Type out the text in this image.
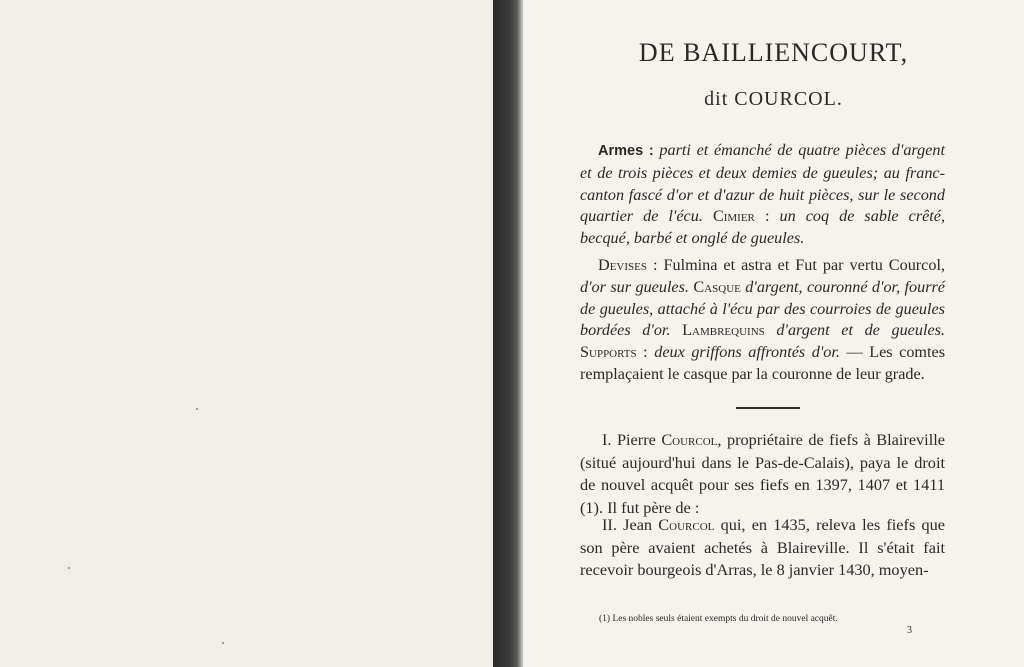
DE BAILLIENCOURT,
dit COURCOL.
Armes : parti et émanché de quatre pièces d'argent et de trois pièces et deux demies de gueules; au franc-canton fascé d'or et d'azur de huit pièces, sur le second quartier de l'écu. Cimier : un coq de sable crêté, becqué, barbé et onglé de gueules.
Devises : Fulmina et astra et Fut par vertu Courcol, d'or sur gueules. Casque d'argent, couronné d'or, fourré de gueules, attaché à l'écu par des courroies de gueules bordées d'or. Lambrequins d'argent et de gueules. Supports : deux griffons affrontés d'or. — Les comtes remplaçaient le casque par la couronne de leur grade.
I. Pierre Courcol, propriétaire de fiefs à Blaireville (situé aujourd'hui dans le Pas-de-Calais), paya le droit de nouvel acquêt pour ses fiefs en 1397, 1407 et 1411 (1). Il fut père de :
II. Jean Courcol qui, en 1435, releva les fiefs que son père avaient achetés à Blaireville. Il s'était fait recevoir bourgeois d'Arras, le 8 janvier 1430, moyen-
(1) Les nobles seuls étaient exempts du droit de nouvel acquêt.
3
